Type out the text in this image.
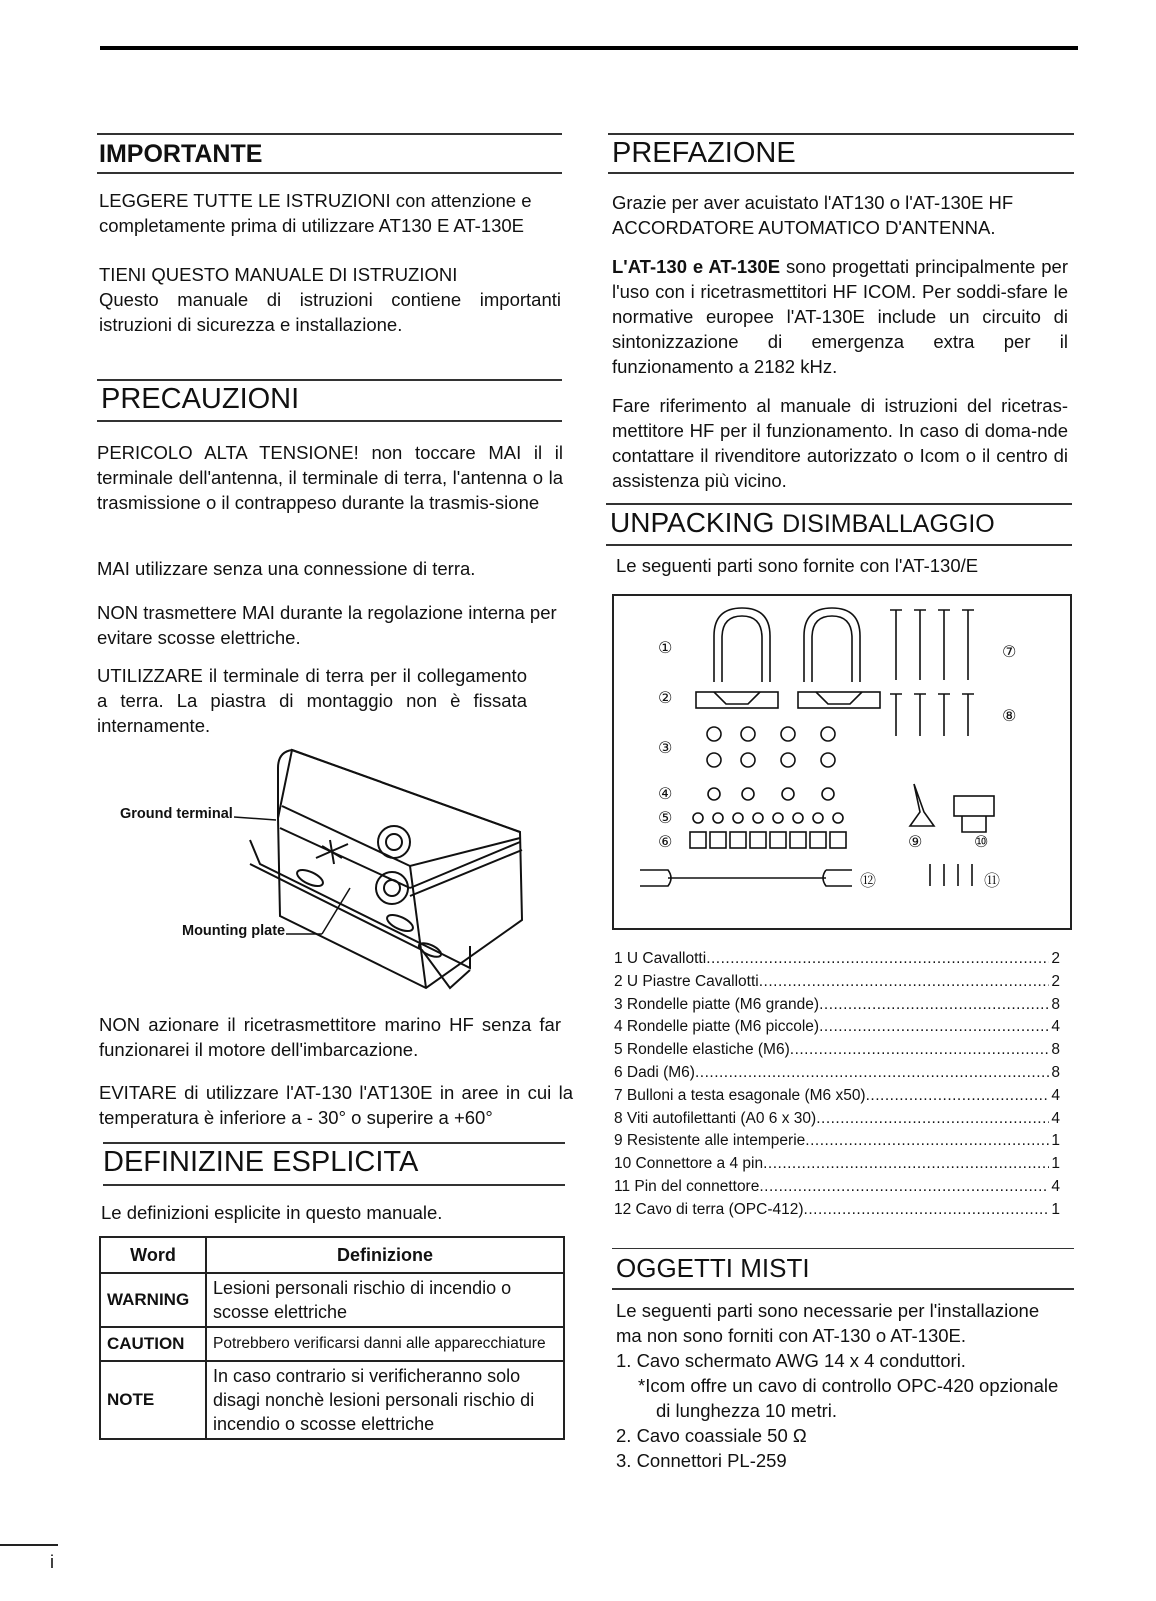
IMPORTANTE

LEGGERE TUTTE LE ISTRUZIONI con attenzione e completamente prima di utilizzare AT130 E AT-130E

TIENI QUESTO MANUALE DI ISTRUZIONI

Questo manuale di istruzioni contiene importanti istruzioni di sicurezza e installazione.

PRECAUZIONI
PERICOLO ALTA TENSIONE! non toccare MAI il il terminale dell'antenna, il terminale di terra, l'antenna o la trasmissione o il contrappeso durante la trasmis-sione
MAI utilizzare senza una connessione di terra.
NON trasmettere MAI durante la regolazione interna per evitare scosse elettriche.
UTILIZZARE il terminale di terra per il collegamento a terra. La piastra di montaggio non è fissata internamente.
Ground terminal
Mounting plate
NON azionare il ricetrasmettitore marino HF senza far funzionarei il motore dell'imbarcazione.
EVITARE di utilizzare l'AT-130 l'AT130E in aree in cui la temperatura è inferiore a - 30° o superire a +60°
DEFINIZINE ESPLICITA
Le definizioni esplicite in questo manuale.
Word	Definizione
WARNING	Lesioni personali rischio di incendio o scosse elettriche
CAUTION	Potrebbero verificarsi danni alle apparecchiature
NOTE	In caso contrario si verificheranno solo disagi nonchè lesioni personali rischio di incendio o scosse elettriche
PREFAZIONE

Grazie per aver acuistato l'AT130 o l'AT-130E HF

ACCORDATORE AUTOMATICO D'ANTENNA.

L'AT-130 e AT-130E sono progettati principalmente per l'uso con i ricetrasmettitori HF ICOM. Per soddi-sfare le normative europee l'AT-130E include un circuito di sintonizzazione di emergenza extra per il funzionamento a 2182 kHz.

Fare riferimento al manuale di istruzioni del ricetras-mettitore HF per il funzionamento. In caso di doma-nde contattare il rivenditore autorizzato o Icom o il centro di assistenza più vicino.

UNPACKING DISIMBALLAGGIO
Le seguenti parti sono fornite con l'AT-130/E
①
②
③
④
⑤
⑥
⑦
⑧
⑨	⑩
⑪
⑫
1 U Cavallotti .....	2
2 U Piastre Cavallotti .....	2
3 Rondelle piatte (M6 grande) .....	8
4 Rondelle piatte (M6 piccole) .....	4
5 Rondelle elastiche (M6) .....	8
6 Dadi (M6) .....	8
7 Bulloni a testa esagonale (M6 x50) .....	4
8 Viti autofilettanti (A0 6 x 30) .....	4
9 Resistente alle intemperie .....	1
10 Connettore a 4 pin .....	1
11 Pin del connettore .....	4
12 Cavo di terra (OPC-412) .....	1
OGGETTI MISTI
Le seguenti parti sono necessarie per l'installazione ma non sono forniti con AT-130 o AT-130E.

1. Cavo schermato AWG 14 x 4 conduttori.

*Icom offre un cavo di controllo OPC-420 opzionale

di lunghezza 10 metri.

2. Cavo coassiale 50 Ω

3. Connettori PL-259

i
